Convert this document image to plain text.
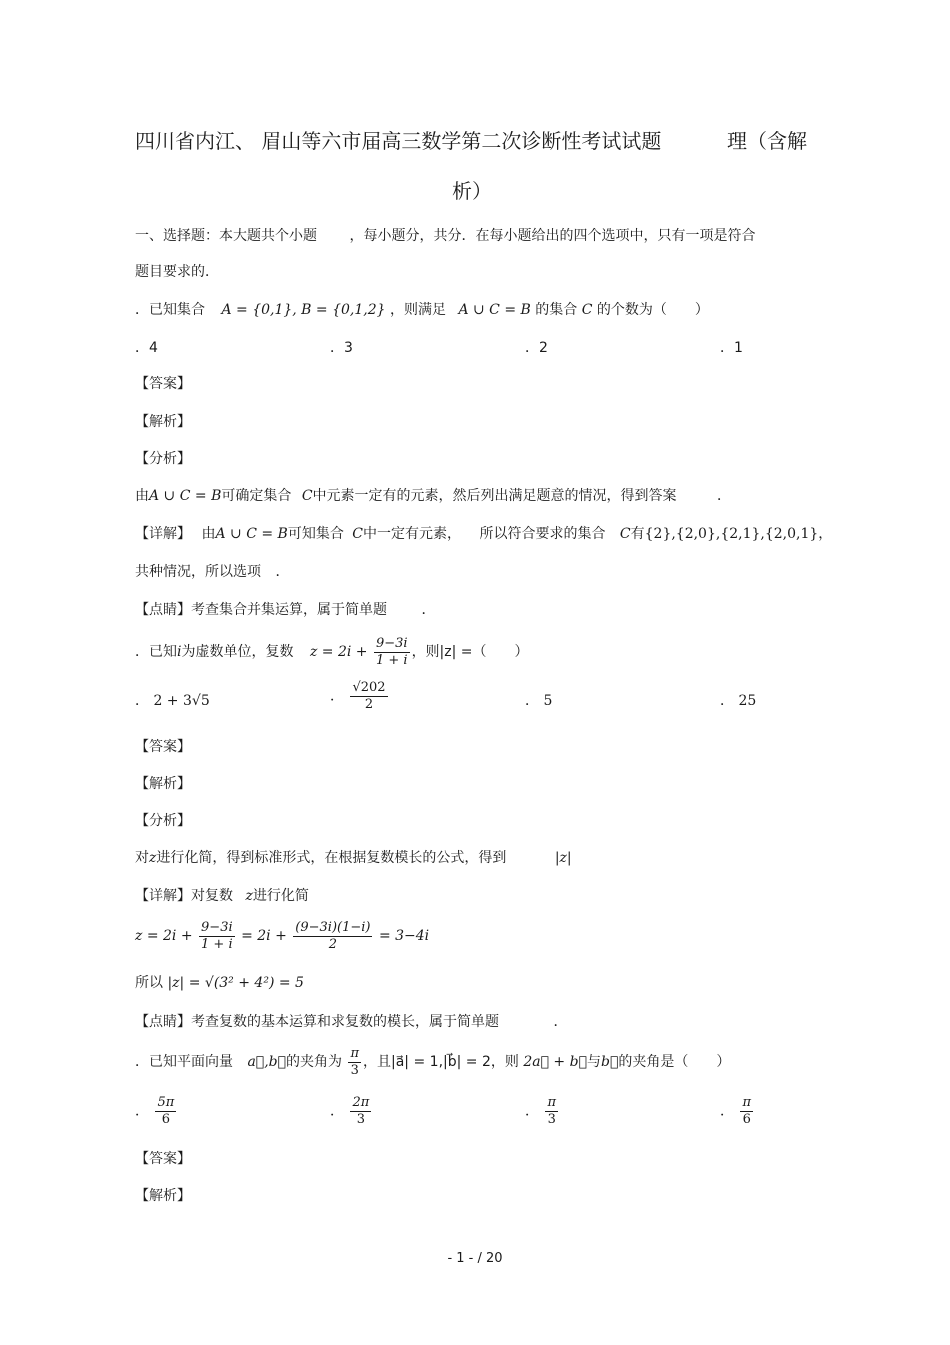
四川省内江、 眉山等六市届高三数学第二次诊断性考试试题	理（含解
析）
一、选择题：本大题共个小题 ，每小题分，共分．在每小题给出的四个选项中，只有一项是符合
题目要求的．
．已知集合 A = {0,1}, B = {0,1,2} ，则满足 A ∪ C = B 的集合 C 的个数为（　　）
．4	．3	．2	．1
【答案】
【解析】
【分析】
由A ∪ C = B可确定集合 C中元素一定有的元素，然后列出满足题意的情况，得到答案	．
【详解】 由A ∪ C = B可知集合 C中一定有元素， 所以符合要求的集合 C有{2},{2,0},{2,1},{2,0,1}，
共种情况，所以选项 ．
【点睛】考查集合并集运算，属于简单题 ．
．已知i为虚数单位，复数 $z = 2i + \frac{9-3i}{1 + i}$ ，则|z| =（　　）
． 2 + 3√5	． $\frac{√202}{2}$	． 5	． 25
【答案】
【解析】
【分析】
对z进行化简，得到标准形式，在根据复数模长的公式，得到	|z|
【详解】对复数 z进行化简
$z = 2i + \frac{9-3i}{1 + i} = 2i + \frac{(9-3i)(1-i)}{2} = 3-4i$
所以 |z| = √(3² + 4²) = 5
【点睛】考查复数的基本运算和求复数的模长，属于简单题	．
．已知平面向量 a⃗,b⃗的夹角为 $\frac{\pi}{3}$ ，且|a⃗| = 1,|b⃗| = 2，则 2a⃗ + b⃗与b⃗的夹角是（　　）
． $\frac{5\pi}{6}$	． $\frac{2\pi}{3}$	． $\frac{\pi}{3}$	． $\frac{\pi}{6}$
【答案】
【解析】
- 1 - / 20
